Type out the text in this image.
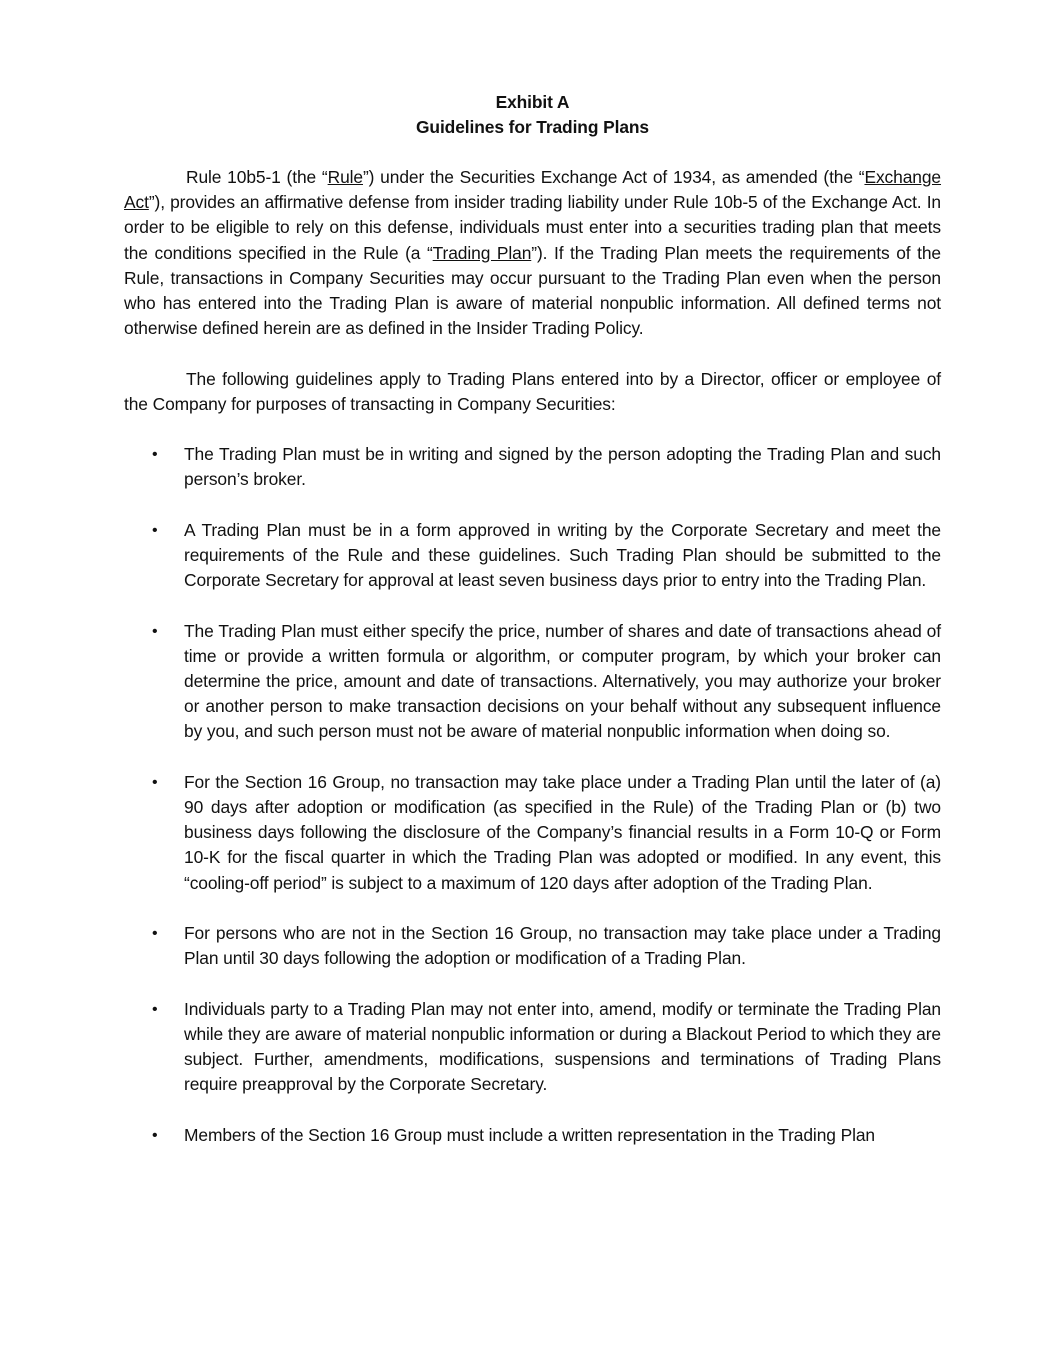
Exhibit A
Guidelines for Trading Plans

Rule 10b5-1 (the “Rule”) under the Securities Exchange Act of 1934, as amended (the “Exchange Act”), provides an affirmative defense from insider trading liability under Rule 10b-5 of the Exchange Act. In order to be eligible to rely on this defense, individuals must enter into a securities trading plan that meets the conditions specified in the Rule (a “Trading Plan”). If the Trading Plan meets the requirements of the Rule, transactions in Company Securities may occur pursuant to the Trading Plan even when the person who has entered into the Trading Plan is aware of material nonpublic information. All defined terms not otherwise defined herein are as defined in the Insider Trading Policy.

The following guidelines apply to Trading Plans entered into by a Director, officer or employee of the Company for purposes of transacting in Company Securities:

• The Trading Plan must be in writing and signed by the person adopting the Trading Plan and such person’s broker.
• A Trading Plan must be in a form approved in writing by the Corporate Secretary and meet the requirements of the Rule and these guidelines. Such Trading Plan should be submitted to the Corporate Secretary for approval at least seven business days prior to entry into the Trading Plan.
• The Trading Plan must either specify the price, number of shares and date of transactions ahead of time or provide a written formula or algorithm, or computer program, by which your broker can determine the price, amount and date of transactions. Alternatively, you may authorize your broker or another person to make transaction decisions on your behalf without any subsequent influence by you, and such person must not be aware of material nonpublic information when doing so.
• For the Section 16 Group, no transaction may take place under a Trading Plan until the later of (a) 90 days after adoption or modification (as specified in the Rule) of the Trading Plan or (b) two business days following the disclosure of the Company’s financial results in a Form 10-Q or Form 10-K for the fiscal quarter in which the Trading Plan was adopted or modified. In any event, this “cooling-off period” is subject to a maximum of 120 days after adoption of the Trading Plan.
• For persons who are not in the Section 16 Group, no transaction may take place under a Trading Plan until 30 days following the adoption or modification of a Trading Plan.
• Individuals party to a Trading Plan may not enter into, amend, modify or terminate the Trading Plan while they are aware of material nonpublic information or during a Blackout Period to which they are subject. Further, amendments, modifications, suspensions and terminations of Trading Plans require preapproval by the Corporate Secretary.
• Members of the Section 16 Group must include a written representation in the Trading Plan
